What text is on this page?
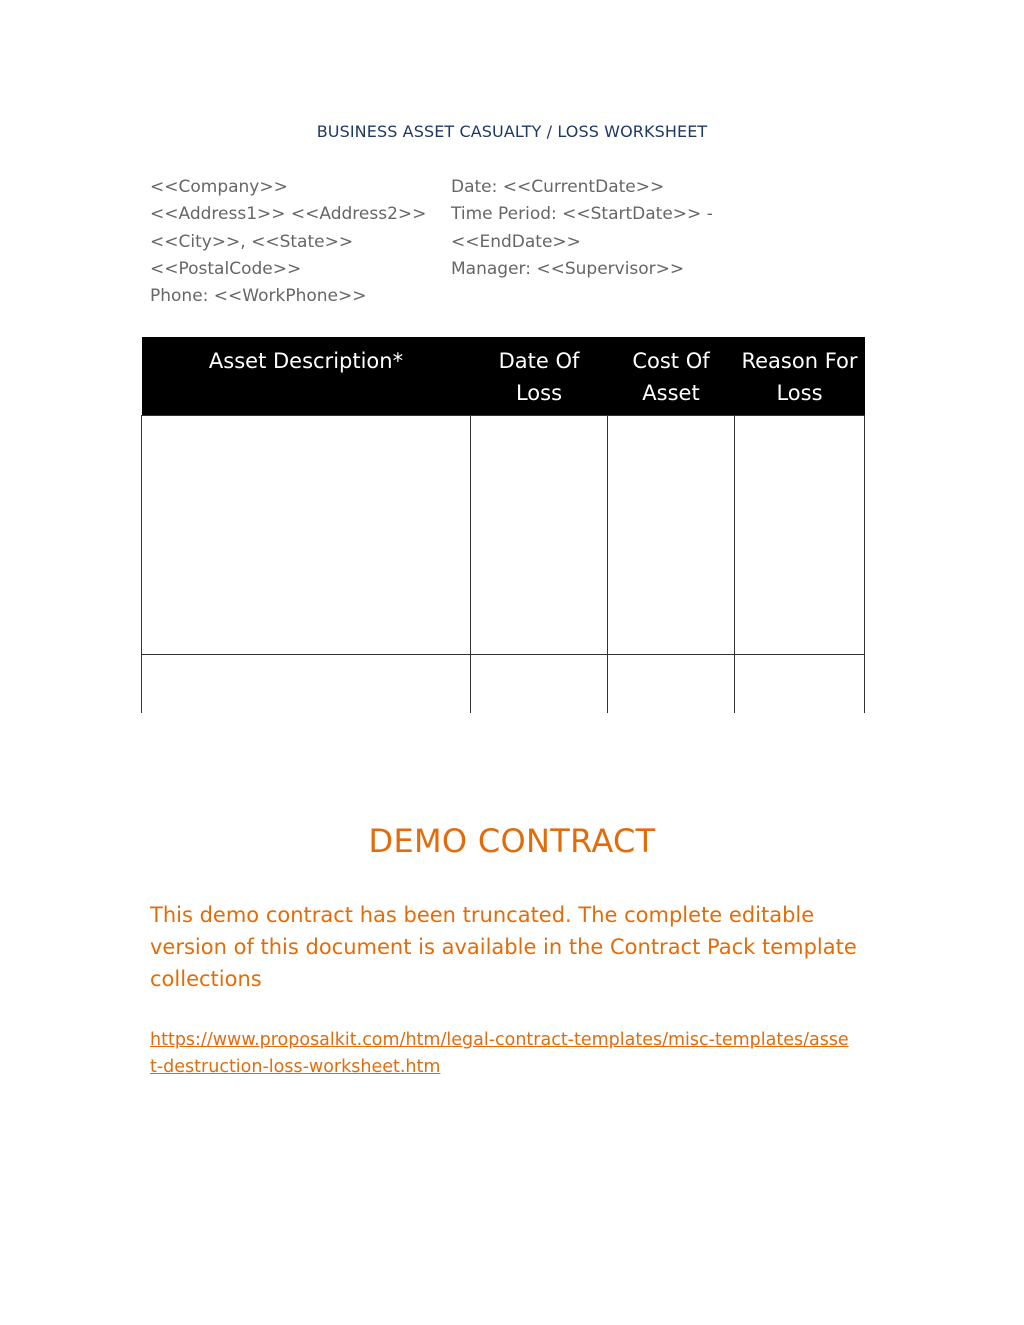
BUSINESS ASSET CASUALTY / LOSS WORKSHEET
<<Company>>
<<Address1>> <<Address2>>
<<City>>, <<State>>
<<PostalCode>>
Phone: <<WorkPhone>>
Date: <<CurrentDate>>
Time Period: <<StartDate>> -
<<EndDate>>
Manager: <<Supervisor>>
Asset Description*	Date Of Loss	Cost Of Asset	Reason For Loss

DEMO CONTRACT
This demo contract has been truncated. The complete editable version of this document is available in the Contract Pack template collections
https://www.proposalkit.com/htm/legal-contract-templates/misc-templates/asset-destruction-loss-worksheet.htm
